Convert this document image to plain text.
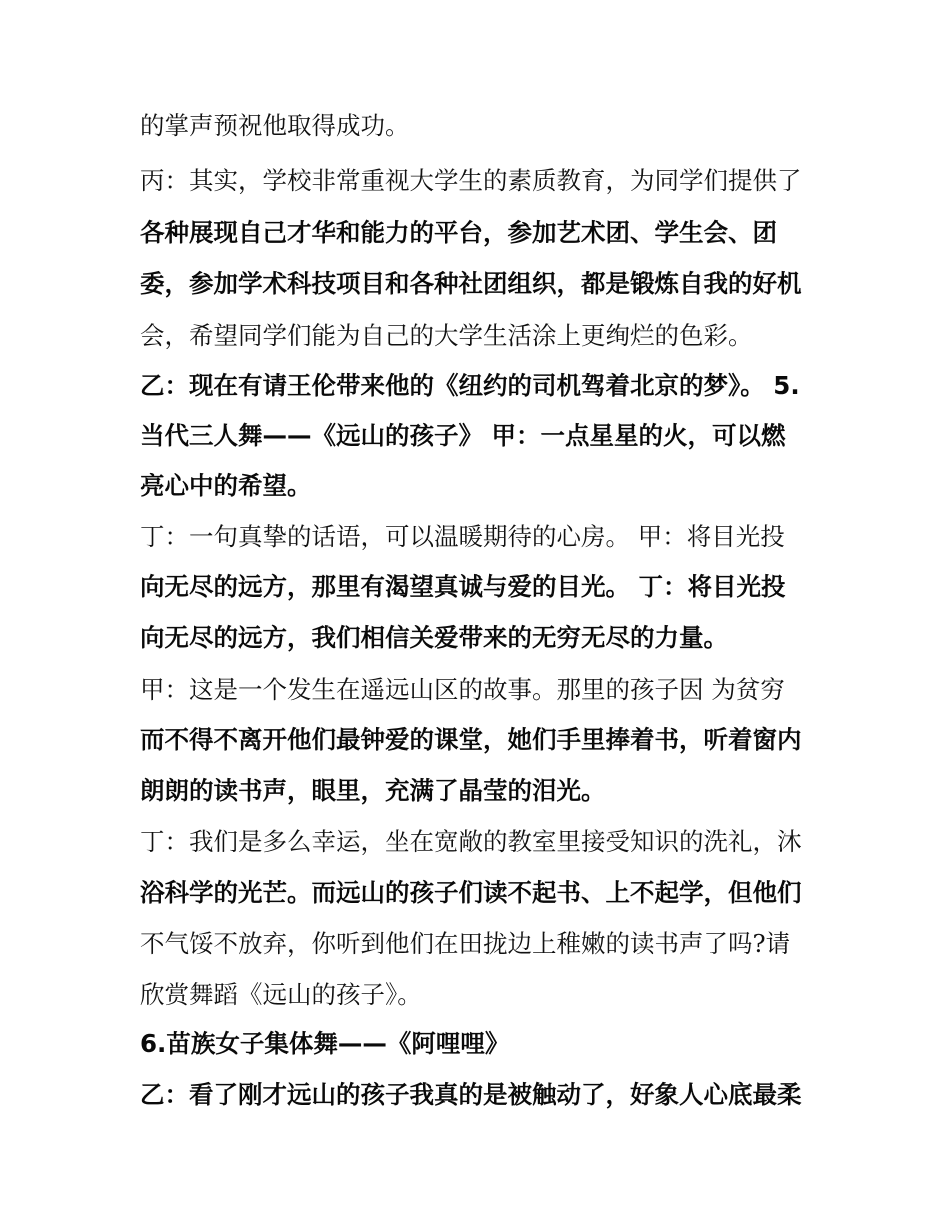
的掌声预祝他取得成功。
丙：其实，学校非常重视大学生的素质教育，为同学们提供了
各种展现自己才华和能力的平台，参加艺术团、学生会、团
委，参加学术科技项目和各种社团组织，都是锻炼自我的好机
会，希望同学们能为自己的大学生活涂上更绚烂的色彩。
乙：现在有请王伦带来他的《纽约的司机驾着北京的梦》。 5.
当代三人舞——《远山的孩子》 甲：一点星星的火，可以燃
亮心中的希望。
丁：一句真挚的话语，可以温暖期待的心房。 甲：将目光投
向无尽的远方，那里有渴望真诚与爱的目光。 丁：将目光投
向无尽的远方，我们相信关爱带来的无穷无尽的力量。
甲：这是一个发生在遥远山区的故事。那里的孩子因 为贫穷
而不得不离开他们最钟爱的课堂，她们手里捧着书，听着窗内
朗朗的读书声，眼里，充满了晶莹的泪光。
丁：我们是多么幸运，坐在宽敞的教室里接受知识的洗礼，沐
浴科学的光芒。而远山的孩子们读不起书、上不起学，但他们
不气馁不放弃，你听到他们在田拢边上稚嫩的读书声了吗?请
欣赏舞蹈《远山的孩子》。
6.苗族女子集体舞——《阿哩哩》
乙：看了刚才远山的孩子我真的是被触动了，好象人心底最柔
